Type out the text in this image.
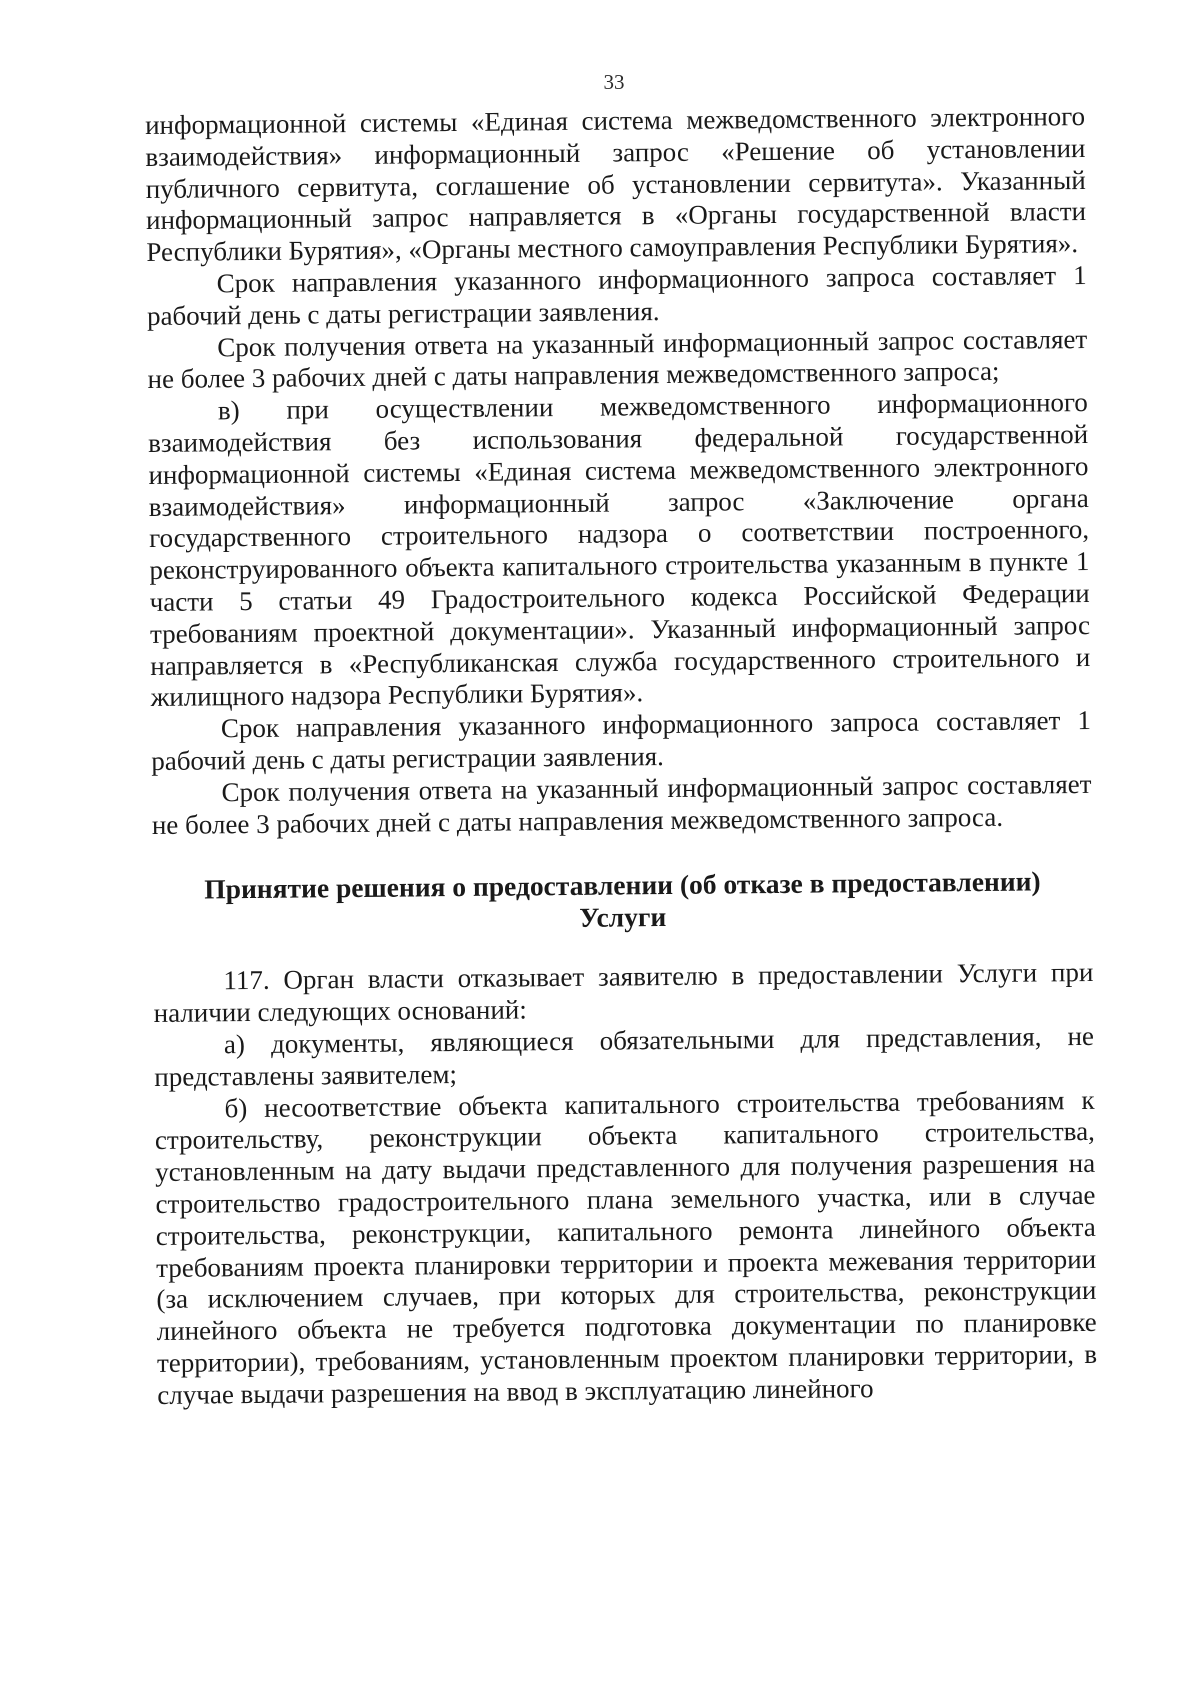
33

информационной системы «Единая система межведомственного электронного взаимодействия» информационный запрос «Решение об установлении публичного сервитута, соглашение об установлении сервитута». Указанный информационный запрос направляется в «Органы государственной власти Республики Бурятия», «Органы местного самоуправления Республики Бурятия».

Срок направления указанного информационного запроса составляет 1 рабочий день с даты регистрации заявления.

Срок получения ответа на указанный информационный запрос составляет не более 3 рабочих дней с даты направления межведомственного запроса;

в) при осуществлении межведомственного информационного взаимодействия без использования федеральной государственной информационной системы «Единая система межведомственного электронного взаимодействия» информационный запрос «Заключение органа государственного строительного надзора о соответствии построенного, реконструированного объекта капитального строительства указанным в пункте 1 части 5 статьи 49 Градостроительного кодекса Российской Федерации требованиям проектной документации». Указанный информационный запрос направляется в «Республиканская служба государственного строительного и жилищного надзора Республики Бурятия».

Срок направления указанного информационного запроса составляет 1 рабочий день с даты регистрации заявления.

Срок получения ответа на указанный информационный запрос составляет не более 3 рабочих дней с даты направления межведомственного запроса.

Принятие решения о предоставлении (об отказе в предоставлении)
Услуги

117. Орган власти отказывает заявителю в предоставлении Услуги при наличии следующих оснований:

а) документы, являющиеся обязательными для представления, не представлены заявителем;

б) несоответствие объекта капитального строительства требованиям к строительству, реконструкции объекта капитального строительства, установленным на дату выдачи представленного для получения разрешения на строительство градостроительного плана земельного участка, или в случае строительства, реконструкции, капитального ремонта линейного объекта требованиям проекта планировки территории и проекта межевания территории (за исключением случаев, при которых для строительства, реконструкции линейного объекта не требуется подготовка документации по планировке территории), требованиям, установленным проектом планировки территории, в случае выдачи разрешения на ввод в эксплуатацию линейного
